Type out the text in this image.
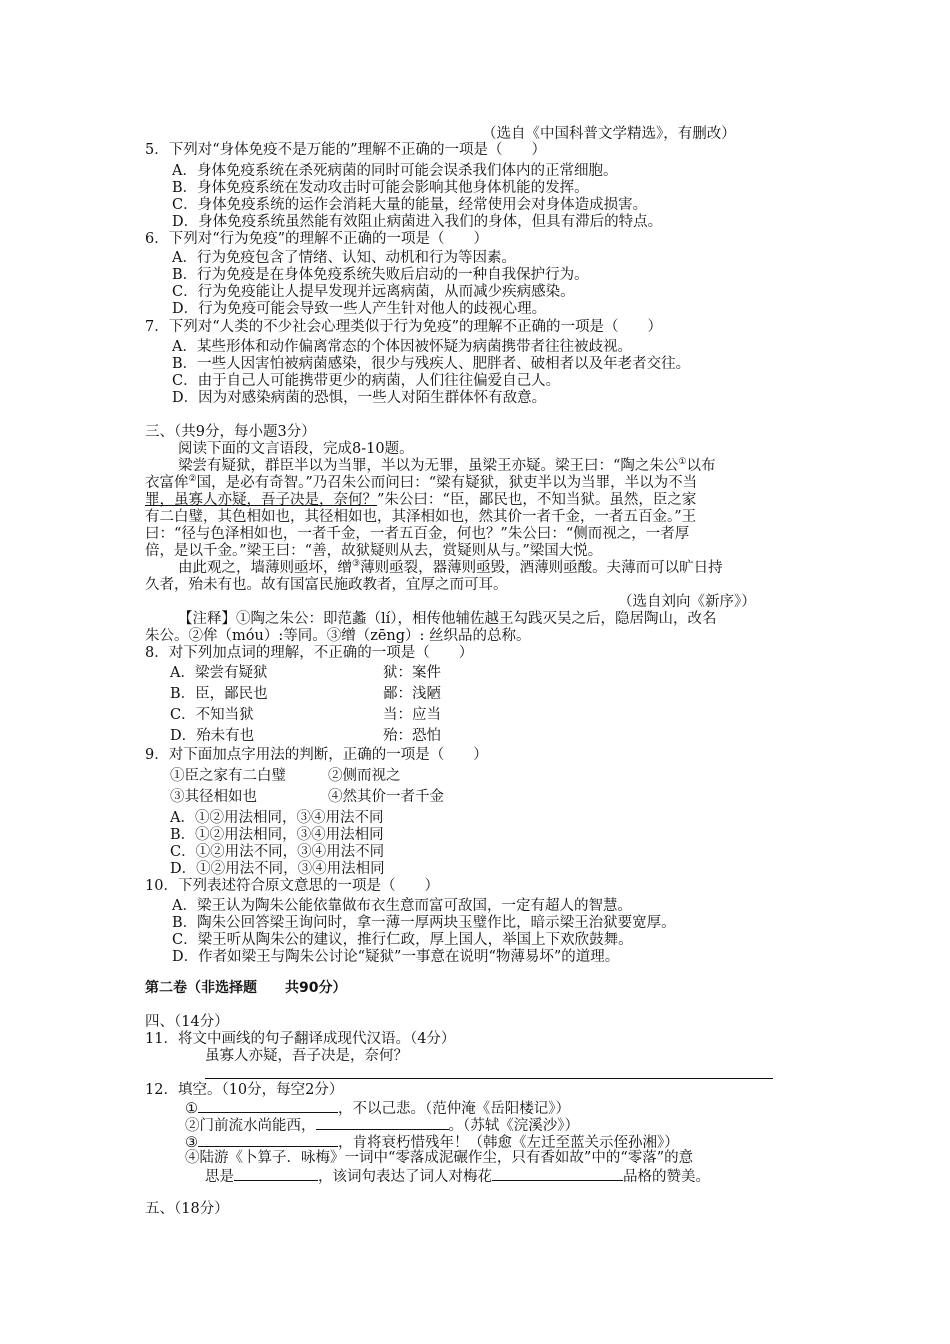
（选自《中国科普文学精选》，有删改）
5．下列对“身体免疫不是万能的”理解不正确的一项是（　　）
A．身体免疫系统在杀死病菌的同时可能会误杀我们体内的正常细胞。
B．身体免疫系统在发动攻击时可能会影响其他身体机能的发挥。
C．身体免疫系统的运作会消耗大量的能量，经常使用会对身体造成损害。
D．身体免疫系统虽然能有效阻止病菌进入我们的身体，但具有滞后的特点。
6．下列对“行为免疫”的理解不正确的一项是（　　）
A．行为免疫包含了情绪、认知、动机和行为等因素。
B．行为免疫是在身体免疫系统失败后启动的一种自我保护行为。
C．行为免疫能让人提早发现并远离病菌，从而减少疾病感染。
D．行为免疫可能会导致一些人产生针对他人的歧视心理。
7．下列对“人类的不少社会心理类似于行为免疫”的理解不正确的一项是（　　）
A．某些形体和动作偏离常态的个体因被怀疑为病菌携带者往往被歧视。
B．一些人因害怕被病菌感染，很少与残疾人、肥胖者、破相者以及年老者交往。
C．由于自己人可能携带更少的病菌，人们往往偏爱自己人。
D．因为对感染病菌的恐惧，一些人对陌生群体怀有敌意。
三、（共9分，每小题3分）
阅读下面的文言语段，完成8-10题。
梁尝有疑狱，群臣半以为当罪，半以为无罪，虽梁王亦疑。梁王曰：“陶之朱公①以布
衣富侔②国，是必有奇智。”乃召朱公而问曰：“梁有疑狱，狱吏半以为当罪，半以为不当
罪，虽寡人亦疑，吾子决是，奈何？”朱公曰：“臣，鄙民也，不知当狱。虽然，臣之家
有二白璧，其色相如也，其径相如也，其泽相如也，然其价一者千金，一者五百金。”王
曰：“径与色泽相如也，一者千金，一者五百金，何也？”朱公曰：“侧而视之，一者厚
倍，是以千金。”梁王曰：“善，故狱疑则从去，赏疑则从与。”梁国大悦。
由此观之，墙薄则亟坏，缯③薄则亟裂，器薄则亟毁，酒薄则亟酸。夫薄而可以旷日持
久者，殆未有也。故有国富民施政教者，宜厚之而可耳。
（选自刘向《新序》）
【注释】①陶之朱公：即范蠡（lí），相传他辅佐越王勾践灭吴之后，隐居陶山，改名
朱公。②侔（móu）:等同。③缯（zēng）: 丝织品的总称。
8．对下列加点词的理解，不正确的一项是（　　）
A．梁尝有疑狱	狱：案件
B．臣，鄙民也	鄙：浅陋
C．不知当狱	当：应当
D．殆未有也	殆：恐怕
9．对下面加点字用法的判断，正确的一项是（　　）
①臣之家有二白璧	②侧而视之
③其径相如也	④然其价一者千金
A．①②用法相同，③④用法不同
B．①②用法相同，③④用法相同
C．①②用法不同，③④用法不同
D．①②用法不同，③④用法相同
10．下列表述符合原文意思的一项是（　　）
A．梁王认为陶朱公能依靠做布衣生意而富可敌国，一定有超人的智慧。
B．陶朱公回答梁王询问时，拿一薄一厚两块玉璧作比，暗示梁王治狱要宽厚。
C．梁王听从陶朱公的建议，推行仁政，厚上国人，举国上下欢欣鼓舞。
D．作者如梁王与陶朱公讨论“疑狱”一事意在说明“物薄易坏”的道理。
第二卷（非选择题　　共90分）
四、（14分）
11．将文中画线的句子翻译成现代汉语。（4分）
虽寡人亦疑，吾子决是，奈何？
12．填空。（10分，每空2分）
①	，不以己悲。（范仲淹《岳阳楼记》）
②门前流水尚能西，	。（苏轼《浣溪沙》）
③	，肯将衰朽惜残年！（韩愈《左迁至蓝关示侄孙湘》）
④陆游《卜算子．咏梅》一词中“零落成泥碾作尘，只有香如故”中的“零落”的意
思是	，该词句表达了词人对梅花	品格的赞美。
五、（18分）
